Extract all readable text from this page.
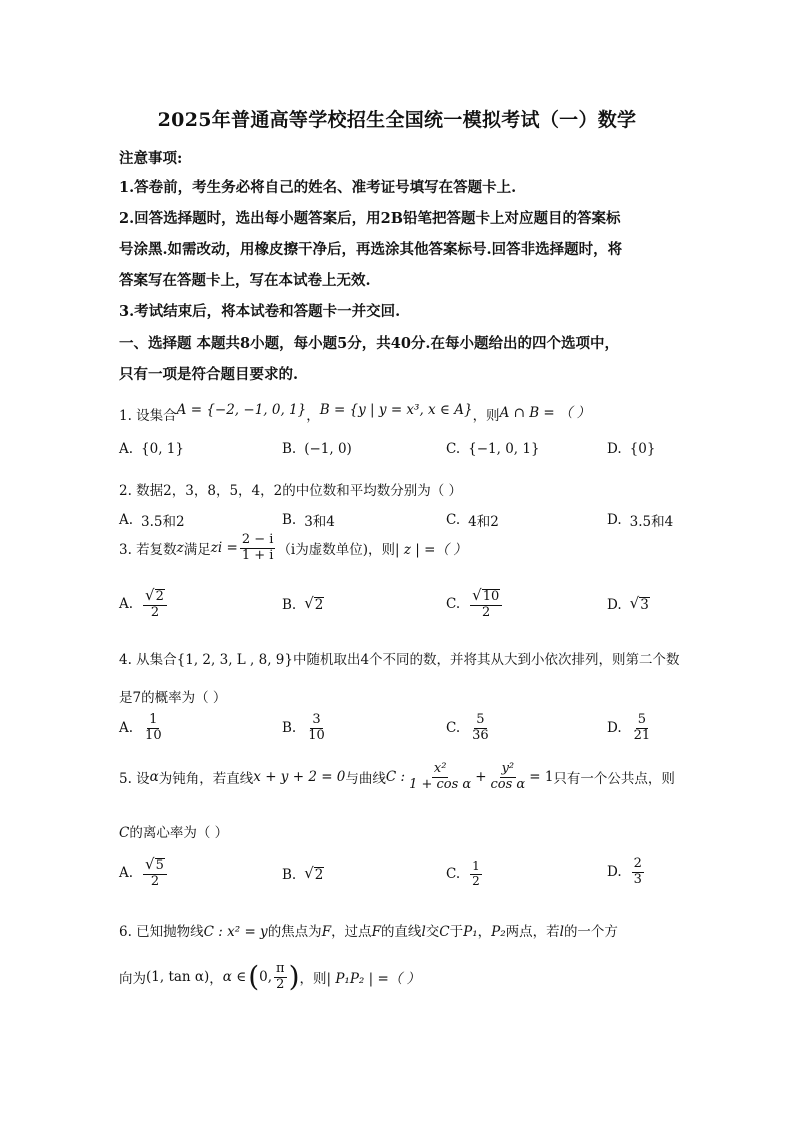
2025年普通高等学校招生全国统一模拟考试（一）数学
注意事项:
1.答卷前，考生务必将自己的姓名、准考证号填写在答题卡上.
2.回答选择题时，选出每小题答案后，用2B铅笔把答题卡上对应题目的答案标
号涂黑.如需改动，用橡皮擦干净后，再选涂其他答案标号.回答非选择题时，将
答案写在答题卡上，写在本试卷上无效.
3.考试结束后，将本试卷和答题卡一并交回.
一、选择题 本题共8小题，每小题5分，共40分.在每小题给出的四个选项中，
只有一项是符合题目要求的.
1. 设集合A = {−2, −1, 0, 1}，B = {y | y = x³, x ∈ A}，则A ∩ B = （ ）
A. {0, 1}	B. (−1, 0)	C. {−1, 0, 1}	D. {0}
2. 数据2，3，8，5，4，2的中位数和平均数分别为（ ）
A. 3.5和2	B. 3和4	C. 4和2	D. 3.5和4
3. 若复数 z 满足 zi = $\frac{2 - i}{1 + i} (i$为虚数单位)，则 | z | =（ ）
A. $\frac{√ 2}{2}$	B. √ 2	C. $\frac{√ 10}{2}$	D. √ 3
4. 从集合{1, 2, 3, L , 8, 9}中随机取出4个不同的数，并将其从大到小依次排列，则第二个数
是7的概率为（ ）
A. $\frac{1}{10}$	B. $\frac{3}{10}$	C. $\frac{5}{36}$	D. $\frac{5}{21}$
5. 设 α 为钝角，若直线 x + y + 2 = 0 与曲线 C : $\frac{\text{x²}}{\text{1 + cos α}} + \frac{\text{y²}}{\text{cos α}} = 1$ 只有一个公共点，则
C的离心率为（ ）
A. $\frac{√ 5}{2}$	B. √ 2	C. $\frac{1}{2}$	D. $\frac{2}{3}$
6. 已知抛物线C : x² = y的焦点为F，过点F的直线l交C于P₁，P₂两点，若l的一个方
向为 (1, tan α) ， α ∈ ( 0, $\frac{\pi}{2}$ ) ，则 | P₁P₂ | =（ ）
